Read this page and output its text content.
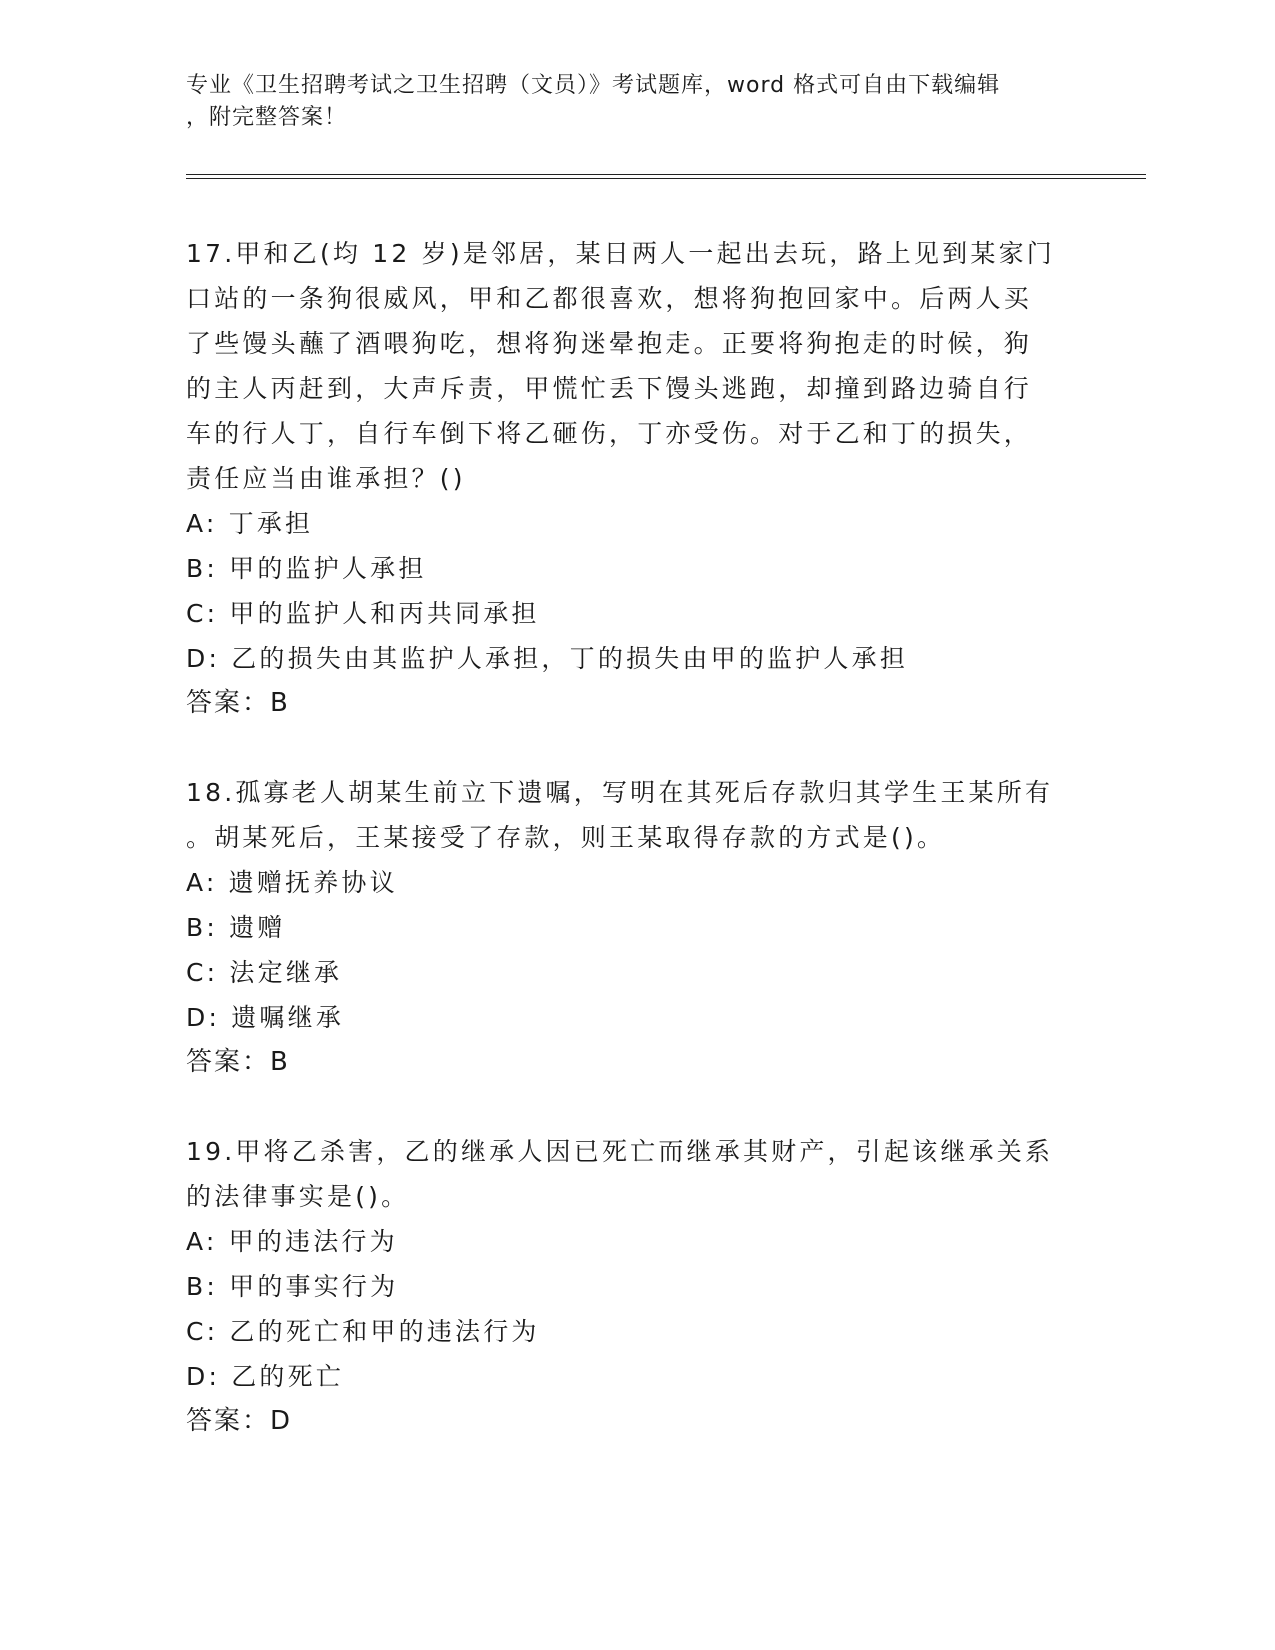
专业《卫生招聘考试之卫生招聘（文员）》考试题库，word 格式可自由下载编辑
，附完整答案！
17.甲和乙(均 12 岁)是邻居，某日两人一起出去玩，路上见到某家门
口站的一条狗很威风，甲和乙都很喜欢，想将狗抱回家中。后两人买
了些馒头蘸了酒喂狗吃，想将狗迷晕抱走。正要将狗抱走的时候，狗
的主人丙赶到，大声斥责，甲慌忙丢下馒头逃跑，却撞到路边骑自行
车的行人丁，自行车倒下将乙砸伤，丁亦受伤。对于乙和丁的损失，
责任应当由谁承担？()
A: 丁承担
B: 甲的监护人承担
C: 甲的监护人和丙共同承担
D: 乙的损失由其监护人承担，丁的损失由甲的监护人承担
答案：B
18.孤寡老人胡某生前立下遗嘱，写明在其死后存款归其学生王某所有
。胡某死后，王某接受了存款，则王某取得存款的方式是()。
A: 遗赠抚养协议
B: 遗赠
C: 法定继承
D: 遗嘱继承
答案：B
19.甲将乙杀害，乙的继承人因已死亡而继承其财产，引起该继承关系
的法律事实是()。
A: 甲的违法行为
B: 甲的事实行为
C: 乙的死亡和甲的违法行为
D: 乙的死亡
答案：D
